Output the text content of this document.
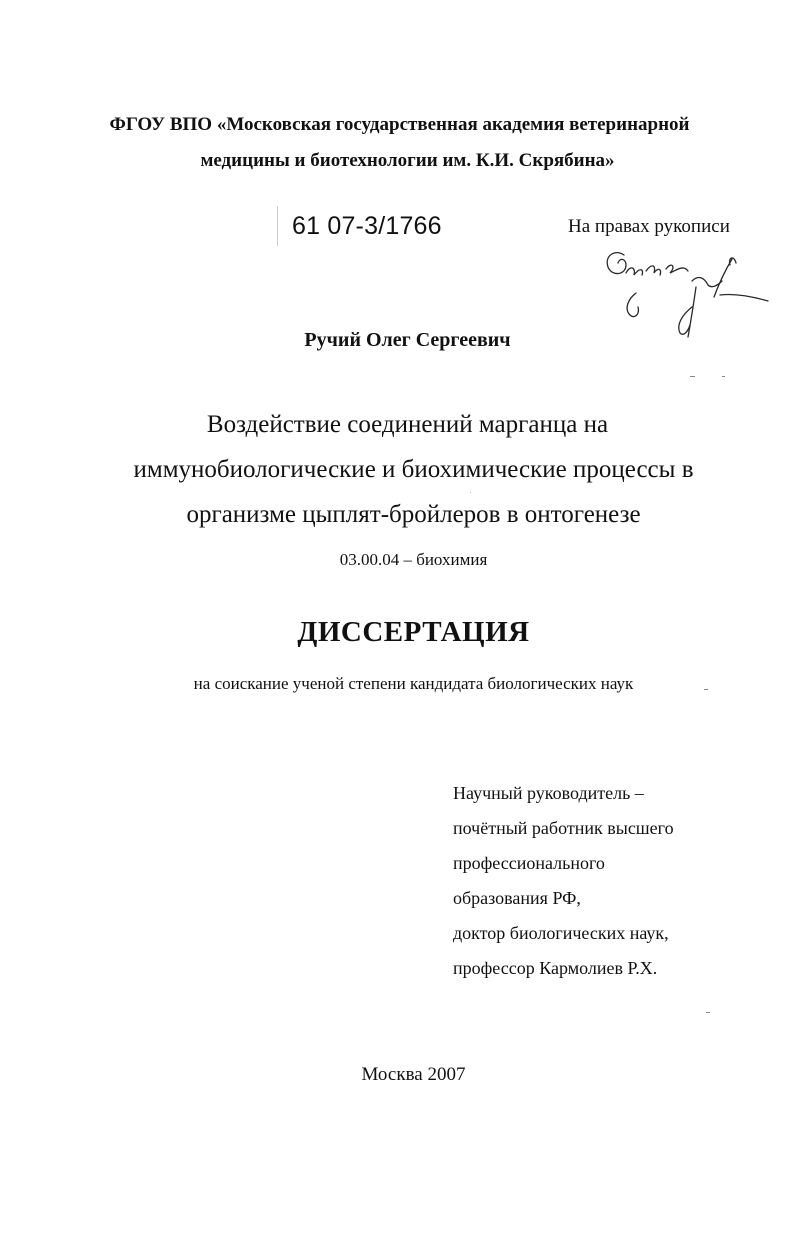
ФГОУ ВПО «Московская государственная академия ветеринарной
медицины и биотехнологии им. К.И. Скрябина»
61 07-3/1766	На правах рукописи
Ручий Олег Сергеевич
Воздействие соединений марганца на
иммунобиологические и биохимические процессы в
организме цыплят-бройлеров в онтогенезе
03.00.04 – биохимия
ДИССЕРТАЦИЯ
на соискание ученой степени кандидата биологических наук
Научный руководитель –
почётный работник высшего
профессионального
образования РФ,
доктор биологических наук,
профессор Кармолиев Р.Х.
Москва 2007
